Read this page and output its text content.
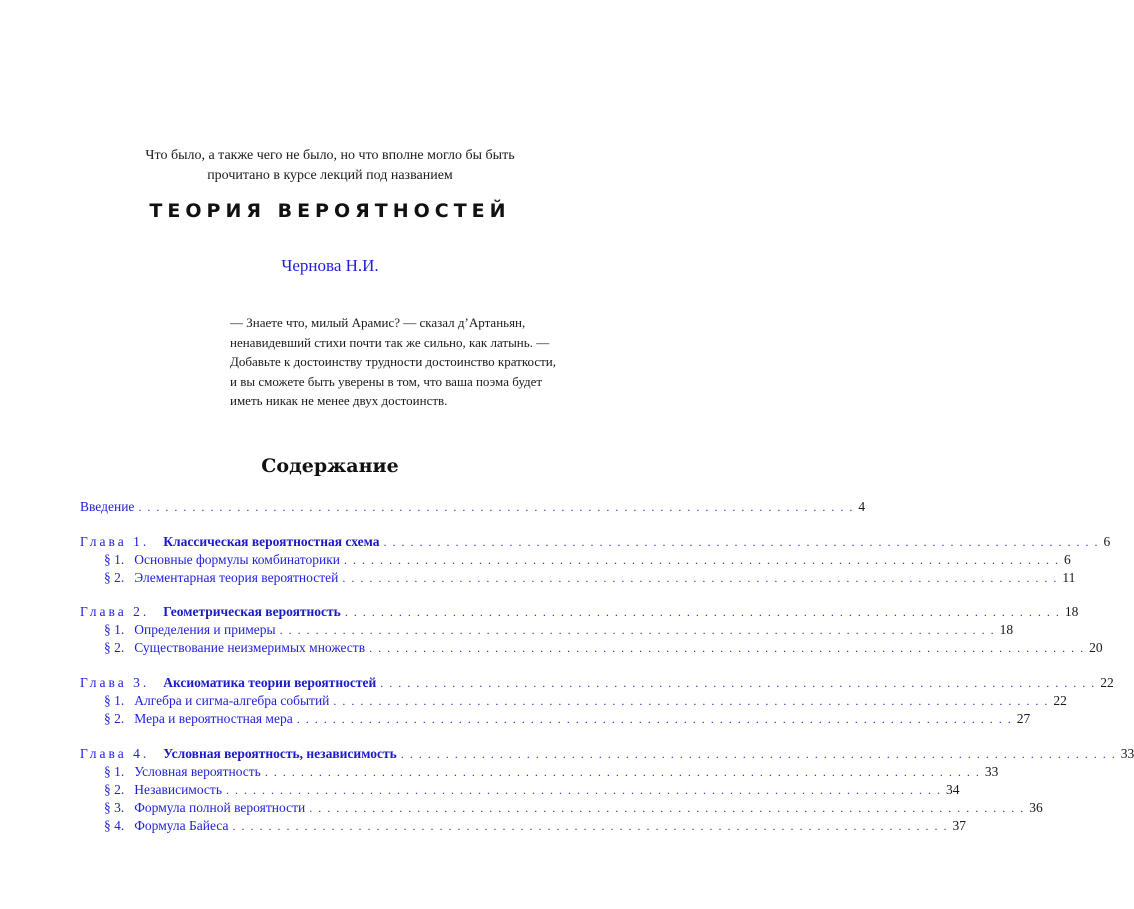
Что было, а также чего не было, но что вполне могло бы быть
прочитано в курсе лекций под названием
ТЕОРИЯ ВЕРОЯТНОСТЕЙ
Чернова Н.И.
— Знаете что, милый Арамис? — сказал д’Артаньян,
ненавидевший стихи почти так же сильно, как латынь. —
Добавьте к достоинству трудности достоинство краткости,
и вы сможете быть уверены в том, что ваша поэма будет
иметь никак не менее двух достоинств.
Содержание
Введение ................................................................................ 4
Глава 1. Классическая вероятностная схема ................................................................................ 6
§ 1. Основные формулы комбинаторики ................................................................................ 6
§ 2. Элементарная теория вероятностей ................................................................................ 11
Глава 2. Геометрическая вероятность ................................................................................ 18
§ 1. Определения и примеры ................................................................................ 18
§ 2. Существование неизмеримых множеств ................................................................................ 20
Глава 3. Аксиоматика теории вероятностей ................................................................................ 22
§ 1. Алгебра и сигма-алгебра событий ................................................................................ 22
§ 2. Мера и вероятностная мера ................................................................................ 27
Глава 4. Условная вероятность, независимость ................................................................................ 33
§ 1. Условная вероятность ................................................................................ 33
§ 2. Независимость ................................................................................ 34
§ 3. Формула полной вероятности ................................................................................ 36
§ 4. Формула Байеса ................................................................................ 37
